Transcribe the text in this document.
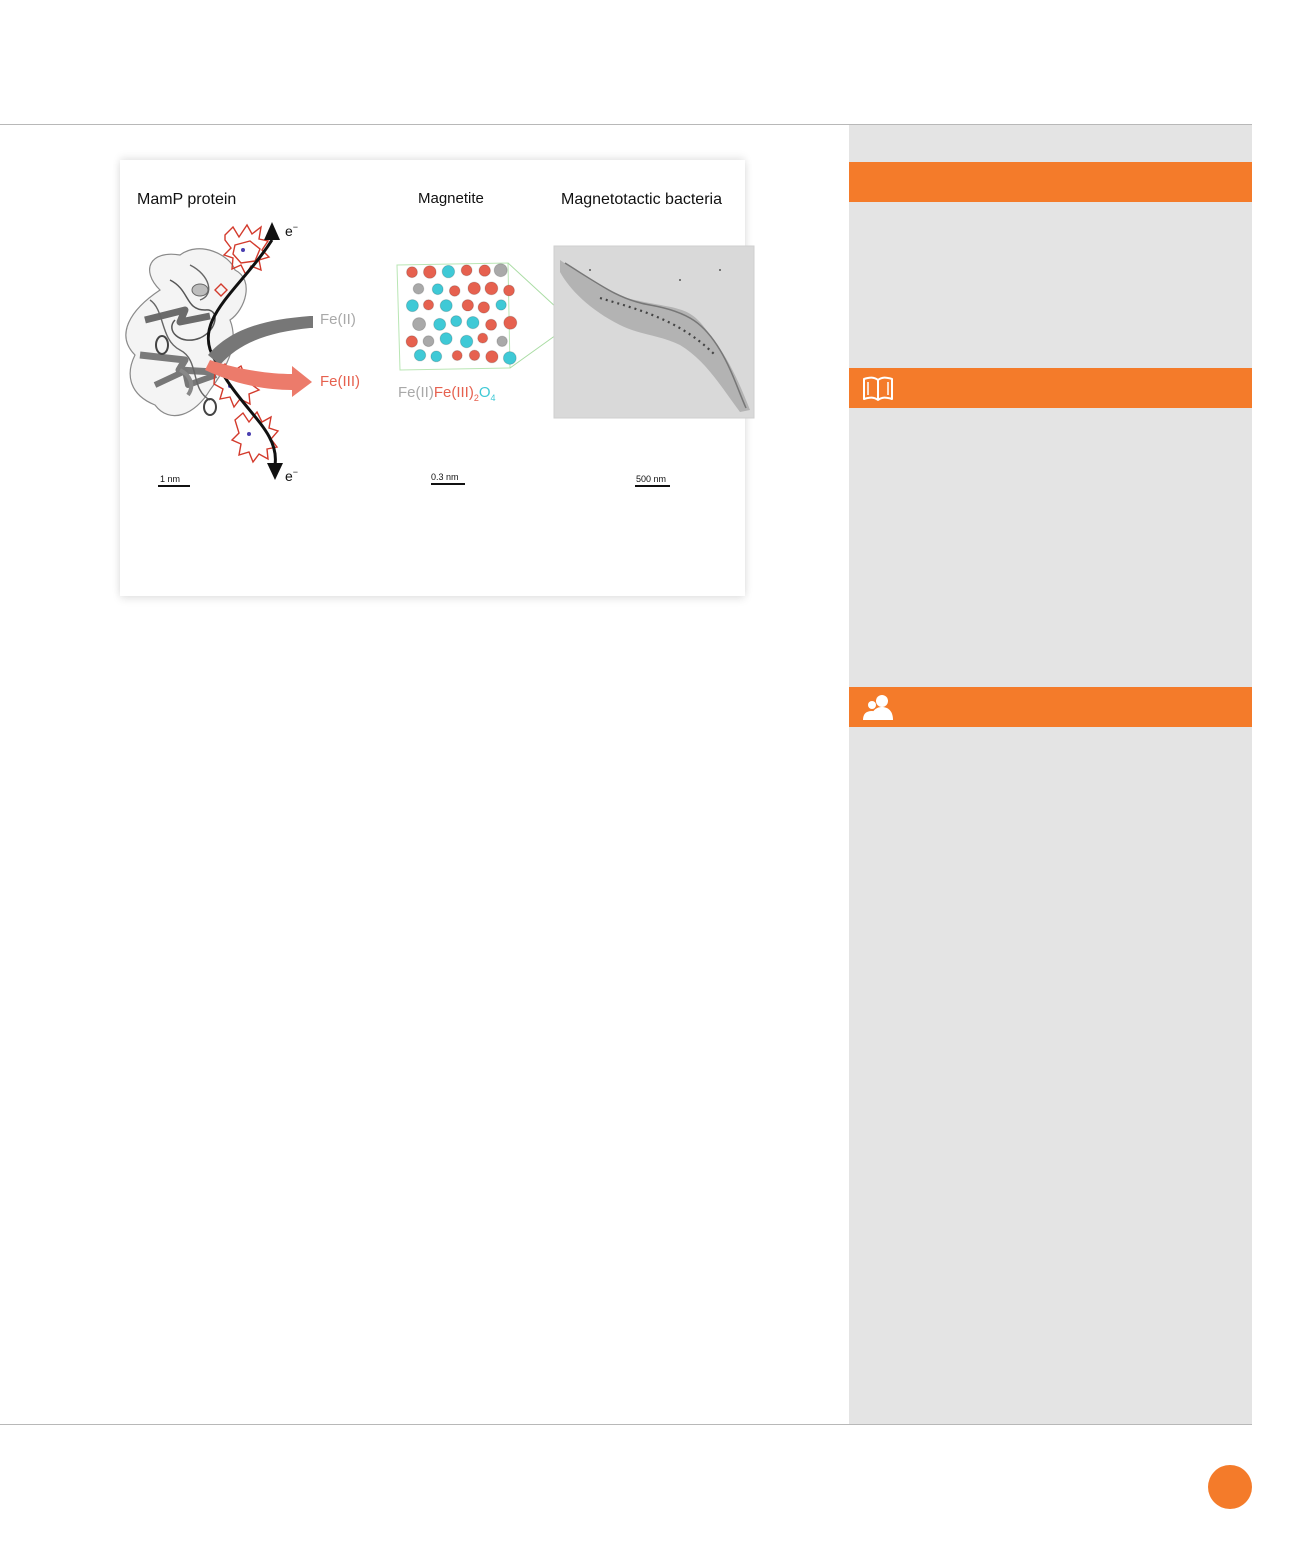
MamP protein	Magnetite	Magnetotactic bacteria
e−
e−
Fe(II)
Fe(III)
1 nm	0.3 nm	500 nm
$Fe(II)Fe(III)_2O_4$
